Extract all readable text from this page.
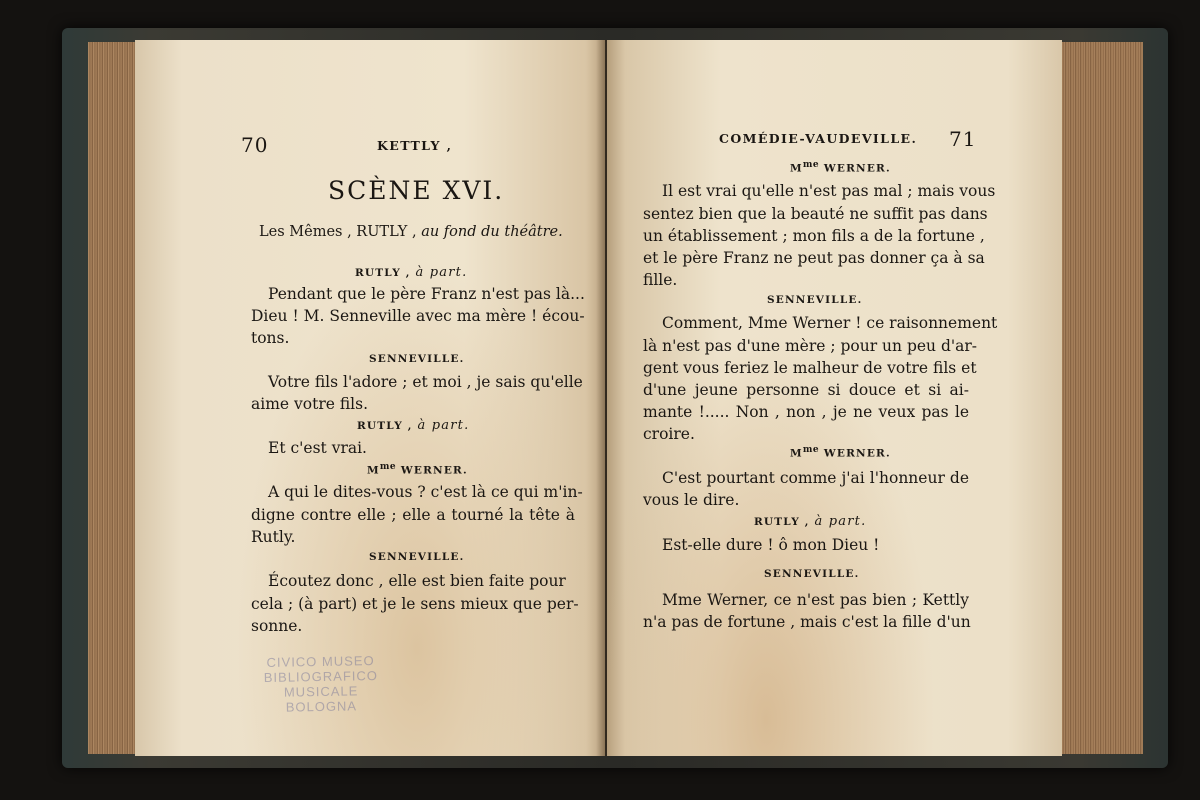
70	KETTLY ,
SCÈNE XVI.
Les Mêmes , RUTLY , au fond du théâtre.
RUTLY , à part.
Pendant que le père Franz n'est pas là...
Dieu ! M. Senneville avec ma mère ! écou-
tons.
SENNEVILLE.
Votre fils l'adore ; et moi , je sais qu'elle
aime votre fils.
RUTLY , à part.
Et c'est vrai.
Mme WERNER.
A qui le dites-vous ? c'est là ce qui m'in-
digne contre elle ; elle a tourné la tête à
Rutly.
SENNEVILLE.
Écoutez donc , elle est bien faite pour
cela ; (à part) et je le sens mieux que per-
sonne.
CIVICO MUSEO
BIBLIOGRAFICO MUSICALE
BOLOGNA
COMÉDIE-VAUDEVILLE. 71
Mme WERNER.
Il est vrai qu'elle n'est pas mal ; mais vous
sentez bien que la beauté ne suffit pas dans
un établissement ; mon fils a de la fortune ,
et le père Franz ne peut pas donner ça à sa
fille.
SENNEVILLE.
Comment, Mme Werner ! ce raisonnement
là n'est pas d'une mère ; pour un peu d'ar-
gent vous feriez le malheur de votre fils et
d'une jeune personne si douce et si ai-
mante !..... Non , non , je ne veux pas le
croire.
Mme WERNER.
C'est pourtant comme j'ai l'honneur de
vous le dire.
RUTLY , à part.
Est-elle dure ! ô mon Dieu !
SENNEVILLE.
Mme Werner, ce n'est pas bien ; Kettly
n'a pas de fortune , mais c'est la fille d'un
